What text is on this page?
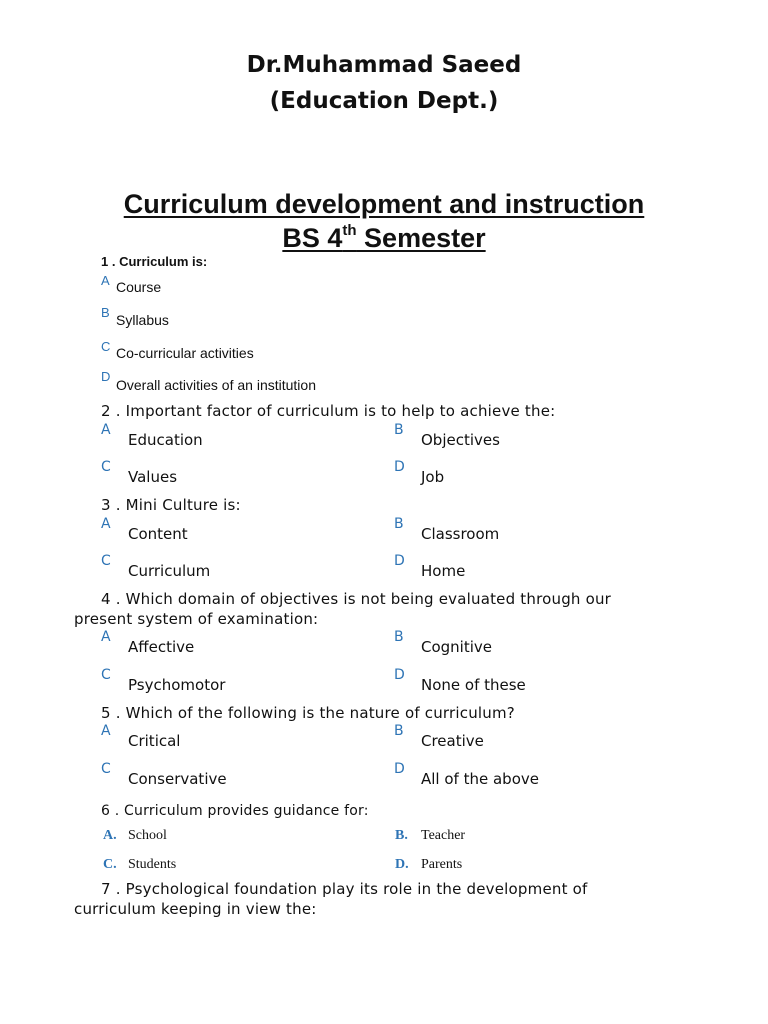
Dr.Muhammad Saeed
(Education Dept.)
Curriculum development and instruction
BS 4th Semester
1 . Curriculum is:
A Course
B Syllabus
C Co-curricular activities
D
Overall activities of an institution
2 . Important factor of curriculum is to help to achieve the:
A
Education
B
Objectives
C
Values
D
Job
3 . Mini Culture is:
A
Content
B
Classroom
C
Curriculum
D
Home
4 . Which domain of objectives is not being evaluated through our
present system of examination:
A
Affective
B
Cognitive
C
Psychomotor
D
None of these
5 . Which of the following is the nature of curriculum?
A
Critical
B
Creative
C
Conservative
D
All of the above
6 . Curriculum provides guidance for:
A. School	B. Teacher
C. Students	D. Parents
7 . Psychological foundation play its role in the development of
curriculum keeping in view the:
